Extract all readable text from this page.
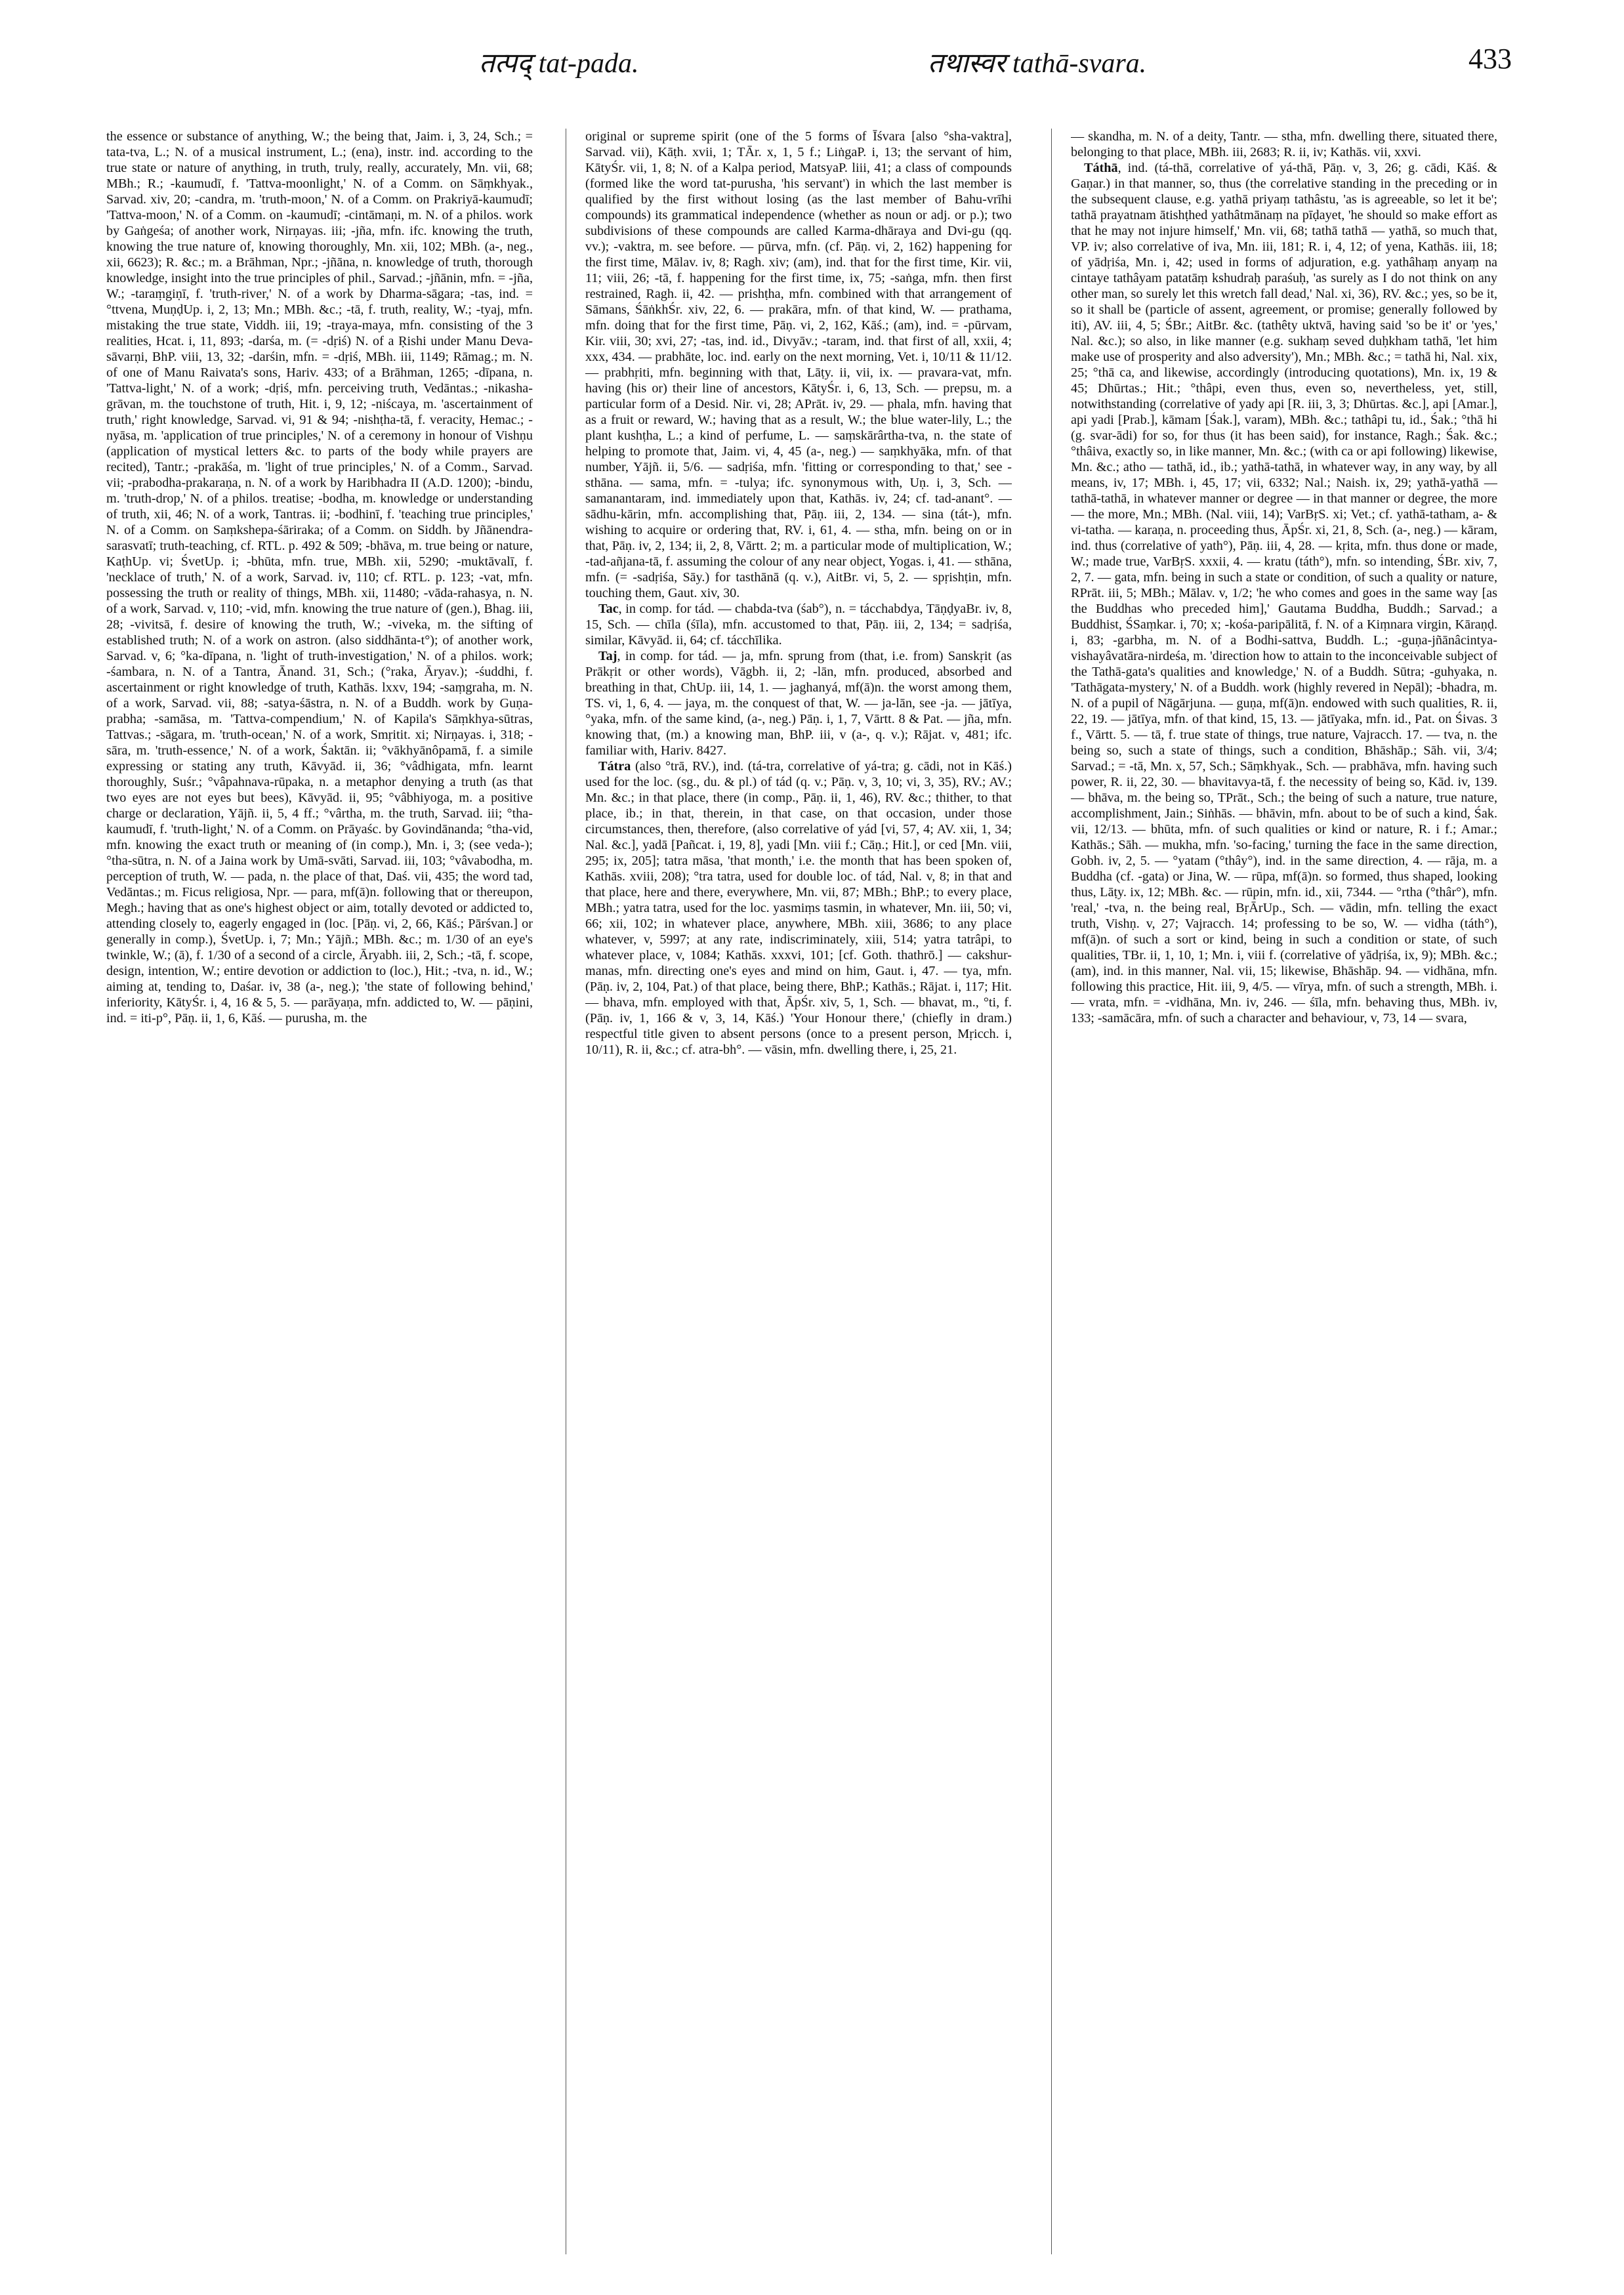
तत्पद् tat-pada.	तथास्वर tathā-svara.	433

the essence or substance of anything, W.; the being that, Jaim. i, 3, 24, Sch.; = tata-tva, L.; N. of a musical instrument, L.; (ena), instr. ind. according to the true state or nature of anything, in truth, truly, really, accurately, Mn. vii, 68; MBh.; R.; -kaumudī, f. 'Tattva-moonlight,' N. of a Comm. on Sāṃkhyak., Sarvad. xiv, 20; -candra, m. 'truth-moon,' N. of a Comm. on Prakriyā-kaumudī; 'Tattva-moon,' N. of a Comm. on -kaumudī; -cintāmaṇi, m. N. of a philos. work by Gaṅgeśa; of another work, Nirṇayas. iii; -jña, mfn. ifc. knowing the truth, knowing the true nature of, knowing thoroughly, Mn. xii, 102; MBh. (a-, neg., xii, 6623); R. &c.; m. a Brāhman, Npr.; -jñāna, n. knowledge of truth, thorough knowledge, insight into the true principles of phil., Sarvad.; -jñānin, mfn. = -jña, W.; -taraṃgiṇī, f. 'truth-river,' N. of a work by Dharma-sāgara; -tas, ind. = °ttvena, MuṇḍUp. i, 2, 13; Mn.; MBh. &c.; -tā, f. truth, reality, W.; -tyaj, mfn. mistaking the true state, Viddh. iii, 19; -traya-maya, mfn. consisting of the 3 realities, Hcat. i, 11, 893; -darśa, m. (= -dṛiś) N. of a Ṛishi under Manu Deva-sāvarṇi, BhP. viii, 13, 32; -darśin, mfn. = -dṛiś, MBh. iii, 1149; Rāmag.; m. N. of one of Manu Raivata's sons, Hariv. 433; of a Brāhman, 1265; -dīpana, n. 'Tattva-light,' N. of a work; -dṛiś, mfn. perceiving truth, Vedāntas.; -nikasha-grāvan, m. the touchstone of truth, Hit. i, 9, 12; -niścaya, m. 'ascertainment of truth,' right knowledge, Sarvad. vi, 91 & 94; -nishṭha-tā, f. veracity, Hemac.; -nyāsa, m. 'application of true principles,' N. of a ceremony in honour of Vishṇu (application of mystical letters &c. to parts of the body while prayers are recited), Tantr.; -prakāśa, m. 'light of true principles,' N. of a Comm., Sarvad. vii; -prabodha-prakaraṇa, n. N. of a work by Haribhadra II (A.D. 1200); -bindu, m. 'truth-drop,' N. of a philos. treatise; -bodha, m. knowledge or understanding of truth, xii, 46; N. of a work, Tantras. ii; -bodhinī, f. 'teaching true principles,' N. of a Comm. on Saṃkshepa-śāriraka; of a Comm. on Siddh. by Jñānendra-sarasvatī; truth-teaching, cf. RTL. p. 492 & 509; -bhāva, m. true being or nature, KaṭhUp. vi; ŚvetUp. i; -bhūta, mfn. true, MBh. xii, 5290; -muktāvalī, f. 'necklace of truth,' N. of a work, Sarvad. iv, 110; cf. RTL. p. 123; -vat, mfn. possessing the truth or reality of things, MBh. xii, 11480; -vāda-rahasya, n. N. of a work, Sarvad. v, 110; -vid, mfn. knowing the true nature of (gen.), Bhag. iii, 28; -vivitsā, f. desire of knowing the truth, W.; -viveka, m. the sifting of established truth; N. of a work on astron. (also siddhānta-t°); of another work, Sarvad. v, 6; °ka-dīpana, n. 'light of truth-investigation,' N. of a philos. work; -śambara, n. N. of a Tantra, Ānand. 31, Sch.; (°raka, Āryav.); -śuddhi, f. ascertainment or right knowledge of truth, Kathās. lxxv, 194; -saṃgraha, m. N. of a work, Sarvad. vii, 88; -satya-śāstra, n. N. of a Buddh. work by Guṇa-prabha; -samāsa, m. 'Tattva-compendium,' N. of Kapila's Sāṃkhya-sūtras, Tattvas.; -sāgara, m. 'truth-ocean,' N. of a work, Smṛitit. xi; Nirṇayas. i, 318; -sāra, m. 'truth-essence,' N. of a work, Śaktān. ii; °vākhyānôpamā, f. a simile expressing or stating any truth, Kāvyād. ii, 36; °vâdhigata, mfn. learnt thoroughly, Suśr.; °vâpahnava-rūpaka, n. a metaphor denying a truth (as that two eyes are not eyes but bees), Kāvyād. ii, 95; °vâbhiyoga, m. a positive charge or declaration, Yājñ. ii, 5, 4 ff.; °vârtha, m. the truth, Sarvad. iii; °tha-kaumudī, f. 'truth-light,' N. of a Comm. on Prāyaśc. by Govindānanda; °tha-vid, mfn. knowing the exact truth or meaning of (in comp.), Mn. i, 3; (see veda-); °tha-sūtra, n. N. of a Jaina work by Umā-svāti, Sarvad. iii, 103; °vâvabodha, m. perception of truth, W. — pada, n. the place of that, Daś. vii, 435; the word tad, Vedāntas.; m. Ficus religiosa, Npr. — para, mf(ā)n. following that or thereupon, Megh.; having that as one's highest object or aim, totally devoted or addicted to, attending closely to, eagerly engaged in (loc. [Pāṇ. vi, 2, 66, Kāś.; Pārśvan.] or generally in comp.), ŚvetUp. i, 7; Mn.; Yājñ.; MBh. &c.; m. 1/30 of an eye's twinkle, W.; (ā), f. 1/30 of a second of a circle, Āryabh. iii, 2, Sch.; -tā, f. scope, design, intention, W.; entire devotion or addiction to (loc.), Hit.; -tva, n. id., W.; aiming at, tending to, Daśar. iv, 38 (a-, neg.); 'the state of following behind,' inferiority, KātyŚr. i, 4, 16 & 5, 5. — parāyaṇa, mfn. addicted to, W. — pāṇini, ind. = iti-p°, Pāṇ. ii, 1, 6, Kāś. — purusha, m. the

original or supreme spirit (one of the 5 forms of Īśvara [also °sha-vaktra], Sarvad. vii), Kāṭh. xvii, 1; TĀr. x, 1, 5 f.; LiṅgaP. i, 13; the servant of him, KātyŚr. vii, 1, 8; N. of a Kalpa period, MatsyaP. liii, 41; a class of compounds (formed like the word tat-purusha, 'his servant') in which the last member is qualified by the first without losing (as the last member of Bahu-vrīhi compounds) its grammatical independence (whether as noun or adj. or p.); two subdivisions of these compounds are called Karma-dhāraya and Dvi-gu (qq. vv.); -vaktra, m. see before. — pūrva, mfn. (cf. Pāṇ. vi, 2, 162) happening for the first time, Mālav. iv, 8; Ragh. xiv; (am), ind. that for the first time, Kir. vii, 11; viii, 26; -tā, f. happening for the first time, ix, 75; -saṅga, mfn. then first restrained, Ragh. ii, 42. — prishṭha, mfn. combined with that arrangement of Sāmans, ŚāṅkhŚr. xiv, 22, 6. — prakāra, mfn. of that kind, W. — prathama, mfn. doing that for the first time, Pāṇ. vi, 2, 162, Kāś.; (am), ind. = -pūrvam, Kir. viii, 30; xvi, 27; -tas, ind. id., Divyāv.; -taram, ind. that first of all, xxii, 4; xxx, 434. — prabhāte, loc. ind. early on the next morning, Vet. i, 10/11 & 11/12. — prabhṛiti, mfn. beginning with that, Lāṭy. ii, vii, ix. — pravara-vat, mfn. having (his or) their line of ancestors, KātyŚr. i, 6, 13, Sch. — prepsu, m. a particular form of a Desid. Nir. vi, 28; APrāt. iv, 29. — phala, mfn. having that as a fruit or reward, W.; having that as a result, W.; the blue water-lily, L.; the plant kushṭha, L.; a kind of perfume, L. — saṃskārârtha-tva, n. the state of helping to promote that, Jaim. vi, 4, 45 (a-, neg.) — saṃkhyāka, mfn. of that number, Yājñ. ii, 5/6. — sadṛiśa, mfn. 'fitting or corresponding to that,' see -sthāna. — sama, mfn. = -tulya; ifc. synonymous with, Uṇ. i, 3, Sch. — samanantaram, ind. immediately upon that, Kathās. iv, 24; cf. tad-anant°. — sādhu-kārin, mfn. accomplishing that, Pāṇ. iii, 2, 134. — sina (tát-), mfn. wishing to acquire or ordering that, RV. i, 61, 4. — stha, mfn. being on or in that, Pāṇ. iv, 2, 134; ii, 2, 8, Vārtt. 2; m. a particular mode of multiplication, W.; -tad-añjana-tā, f. assuming the colour of any near object, Yogas. i, 41. — sthāna, mfn. (= -sadṛiśa, Sāy.) for tasthānā (q. v.), AitBr. vi, 5, 2. — spṛishṭin, mfn. touching them, Gaut. xiv, 30.

Tac, in comp. for tád. — chabda-tva (śab°), n. = tácchabdya, TāṇḍyaBr. iv, 8, 15, Sch. — chīla (śīla), mfn. accustomed to that, Pāṇ. iii, 2, 134; = sadṛiśa, similar, Kāvyād. ii, 64; cf. tácchīlika.

Taj, in comp. for tád. — ja, mfn. sprung from (that, i.e. from) Sanskṛit (as Prākṛit or other words), Vāgbh. ii, 2; -lān, mfn. produced, absorbed and breathing in that, ChUp. iii, 14, 1. — jaghanyá, mf(ā)n. the worst among them, TS. vi, 1, 6, 4. — jaya, m. the conquest of that, W. — ja-lān, see -ja. — jātīya, °yaka, mfn. of the same kind, (a-, neg.) Pāṇ. i, 1, 7, Vārtt. 8 & Pat. — jña, mfn. knowing that, (m.) a knowing man, BhP. iii, v (a-, q. v.); Rājat. v, 481; ifc. familiar with, Hariv. 8427.

Tátra (also °trā, RV.), ind. (tá-tra, correlative of yá-tra; g. cādi, not in Kāś.) used for the loc. (sg., du. & pl.) of tád (q. v.; Pāṇ. v, 3, 10; vi, 3, 35), RV.; AV.; Mn. &c.; in that place, there (in comp., Pāṇ. ii, 1, 46), RV. &c.; thither, to that place, ib.; in that, therein, in that case, on that occasion, under those circumstances, then, therefore, (also correlative of yád [vi, 57, 4; AV. xii, 1, 34; Nal. &c.], yadā [Pañcat. i, 19, 8], yadi [Mn. viii f.; Cāṇ.; Hit.], or ced [Mn. viii, 295; ix, 205]; tatra māsa, 'that month,' i.e. the month that has been spoken of, Kathās. xviii, 208); °tra tatra, used for double loc. of tád, Nal. v, 8; in that and that place, here and there, everywhere, Mn. vii, 87; MBh.; BhP.; to every place, MBh.; yatra tatra, used for the loc. yasmiṃs tasmin, in whatever, Mn. iii, 50; vi, 66; xii, 102; in whatever place, anywhere, MBh. xiii, 3686; to any place whatever, v, 5997; at any rate, indiscriminately, xiii, 514; yatra tatrâpi, to whatever place, v, 1084; Kathās. xxxvi, 101; [cf. Goth. thathrō.] — cakshur-manas, mfn. directing one's eyes and mind on him, Gaut. i, 47. — tya, mfn. (Pāṇ. iv, 2, 104, Pat.) of that place, being there, BhP.; Kathās.; Rājat. i, 117; Hit. — bhava, mfn. employed with that, ĀpŚr. xiv, 5, 1, Sch. — bhavat, m., °ti, f. (Pāṇ. iv, 1, 166 & v, 3, 14, Kāś.) 'Your Honour there,' (chiefly in dram.) respectful title given to absent persons (once to a present person, Mṛicch. i, 10/11), R. ii, &c.; cf. atra-bh°. — vāsin, mfn. dwelling there, i, 25, 21.

— skandha, m. N. of a deity, Tantr. — stha, mfn. dwelling there, situated there, belonging to that place, MBh. iii, 2683; R. ii, iv; Kathās. vii, xxvi.

Táthā, ind. (tá-thā, correlative of yá-thā, Pāṇ. v, 3, 26; g. cādi, Kāś. & Gaṇar.) in that manner, so, thus (the correlative standing in the preceding or in the subsequent clause, e.g. yathā priyaṃ tathâstu, 'as is agreeable, so let it be'; tathā prayatnam ātishṭhed yathâtmānaṃ na pīḍayet, 'he should so make effort as that he may not injure himself,' Mn. vii, 68; tathā tathā — yathā, so much that, VP. iv; also correlative of iva, Mn. iii, 181; R. i, 4, 12; of yena, Kathās. iii, 18; of yādṛiśa, Mn. i, 42; used in forms of adjuration, e.g. yathâhaṃ anyaṃ na cintaye tathâyam patatāṃ kshudraḥ paraśuḥ, 'as surely as I do not think on any other man, so surely let this wretch fall dead,' Nal. xi, 36), RV. &c.; yes, so be it, so it shall be (particle of assent, agreement, or promise; generally followed by iti), AV. iii, 4, 5; ŚBr.; AitBr. &c. (tathêty uktvā, having said 'so be it' or 'yes,' Nal. &c.); so also, in like manner (e.g. sukhaṃ seved duḥkham tathā, 'let him make use of prosperity and also adversity'), Mn.; MBh. &c.; = tathā hi, Nal. xix, 25; °thā ca, and likewise, accordingly (introducing quotations), Mn. ix, 19 & 45; Dhūrtas.; Hit.; °thâpi, even thus, even so, nevertheless, yet, still, notwithstanding (correlative of yady api [R. iii, 3, 3; Dhūrtas. &c.], api [Amar.], api yadi [Prab.], kāmam [Śak.], varam), MBh. &c.; tathâpi tu, id., Śak.; °thā hi (g. svar-ādi) for so, for thus (it has been said), for instance, Ragh.; Śak. &c.; °thâiva, exactly so, in like manner, Mn. &c.; (with ca or api following) likewise, Mn. &c.; atho — tathā, id., ib.; yathā-tathā, in whatever way, in any way, by all means, iv, 17; MBh. i, 45, 17; vii, 6332; Nal.; Naish. ix, 29; yathā-yathā — tathā-tathā, in whatever manner or degree — in that manner or degree, the more — the more, Mn.; MBh. (Nal. viii, 14); VarBṛS. xi; Vet.; cf. yathā-tatham, a- & vi-tatha. — karaṇa, n. proceeding thus, ĀpŚr. xi, 21, 8, Sch. (a-, neg.) — kāram, ind. thus (correlative of yath°), Pāṇ. iii, 4, 28. — kṛita, mfn. thus done or made, W.; made true, VarBṛS. xxxii, 4. — kratu (táth°), mfn. so intending, ŚBr. xiv, 7, 2, 7. — gata, mfn. being in such a state or condition, of such a quality or nature, RPrāt. iii, 5; MBh.; Mālav. v, 1/2; 'he who comes and goes in the same way [as the Buddhas who preceded him],' Gautama Buddha, Buddh.; Sarvad.; a Buddhist, ŚSaṃkar. i, 70; x; -kośa-paripālitā, f. N. of a Kiṃnara virgin, Kāraṇḍ. i, 83; -garbha, m. N. of a Bodhi-sattva, Buddh. L.; -guṇa-jñānâcintya-vishayâvatāra-nirdeśa, m. 'direction how to attain to the inconceivable subject of the Tathā-gata's qualities and knowledge,' N. of a Buddh. Sūtra; -guhyaka, n. 'Tathāgata-mystery,' N. of a Buddh. work (highly revered in Nepāl); -bhadra, m. N. of a pupil of Nāgārjuna. — guṇa, mf(ā)n. endowed with such qualities, R. ii, 22, 19. — jātīya, mfn. of that kind, 15, 13. — jātīyaka, mfn. id., Pat. on Śivas. 3 f., Vārtt. 5. — tā, f. true state of things, true nature, Vajracch. 17. — tva, n. the being so, such a state of things, such a condition, Bhāshāp.; Sāh. vii, 3/4; Sarvad.; = -tā, Mn. x, 57, Sch.; Sāṃkhyak., Sch. — prabhāva, mfn. having such power, R. ii, 22, 30. — bhavitavya-tā, f. the necessity of being so, Kād. iv, 139. — bhāva, m. the being so, TPrāt., Sch.; the being of such a nature, true nature, accomplishment, Jain.; Siṅhās. — bhāvin, mfn. about to be of such a kind, Śak. vii, 12/13. — bhūta, mfn. of such qualities or kind or nature, R. i f.; Amar.; Kathās.; Sāh. — mukha, mfn. 'so-facing,' turning the face in the same direction, Gobh. iv, 2, 5. — °yatam (°thây°), ind. in the same direction, 4. — rāja, m. a Buddha (cf. -gata) or Jina, W. — rūpa, mf(ā)n. so formed, thus shaped, looking thus, Lāṭy. ix, 12; MBh. &c. — rūpin, mfn. id., xii, 7344. — °rtha (°thâr°), mfn. 'real,' -tva, n. the being real, BṛĀrUp., Sch. — vādin, mfn. telling the exact truth, Vishṇ. v, 27; Vajracch. 14; professing to be so, W. — vidha (táth°), mf(ā)n. of such a sort or kind, being in such a condition or state, of such qualities, TBr. ii, 1, 10, 1; Mn. i, viii f. (correlative of yādṛiśa, ix, 9); MBh. &c.; (am), ind. in this manner, Nal. vii, 15; likewise, Bhāshāp. 94. — vidhāna, mfn. following this practice, Hit. iii, 9, 4/5. — vīrya, mfn. of such a strength, MBh. i. — vrata, mfn. = -vidhāna, Mn. iv, 246. — śīla, mfn. behaving thus, MBh. iv, 133; -samācāra, mfn. of such a character and behaviour, v, 73, 14 — svara,
